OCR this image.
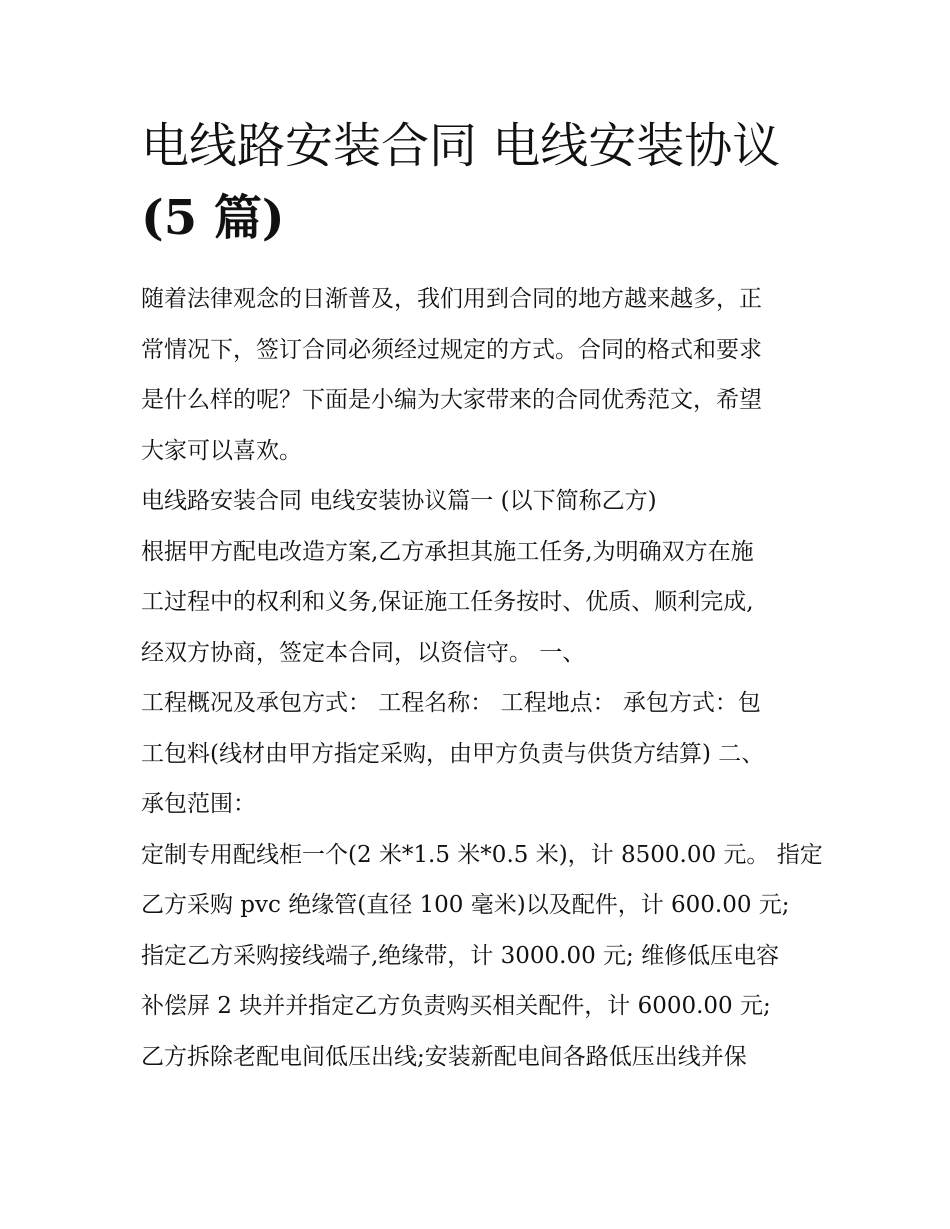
电线路安装合同 电线安装协议
(5 篇)

随着法律观念的日渐普及，我们用到合同的地方越来越多，正
常情况下，签订合同必须经过规定的方式。合同的格式和要求
是什么样的呢？下面是小编为大家带来的合同优秀范文，希望
大家可以喜欢。

电线路安装合同 电线安装协议篇一 (以下简称乙方)

根据甲方配电改造方案,乙方承担其施工任务,为明确双方在施
工过程中的权利和义务,保证施工任务按时、优质、顺利完成,
经双方协商，签定本合同，以资信守。 一、

工程概况及承包方式： 工程名称： 工程地点： 承包方式：包
工包料(线材由甲方指定采购，由甲方负责与供货方结算) 二、
承包范围：

定制专用配线柜一个(2 米*1.5 米*0.5 米)，计 8500.00 元。 指定
乙方采购 pvc 绝缘管(直径 100 毫米)以及配件，计 600.00 元;
指定乙方采购接线端子,绝缘带，计 3000.00 元; 维修低压电容
补偿屏 2 块并并指定乙方负责购买相关配件，计 6000.00 元;
乙方拆除老配电间低压出线;安装新配电间各路低压出线并保
